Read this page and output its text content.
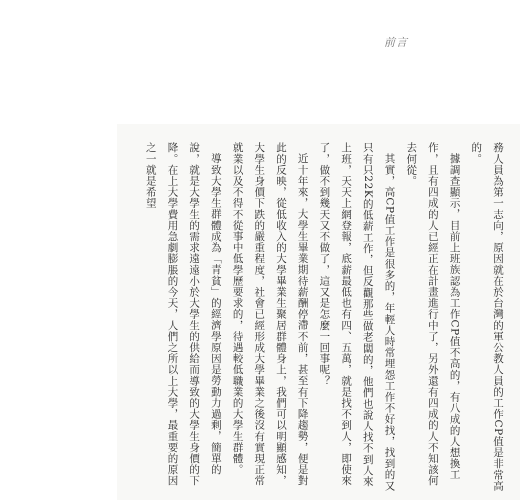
前言

務人員為第一志向，原因就在於台灣的軍公教人員的工作CP值是非常高的。

據調查顯示，目前上班族認為工作CP值不高的，有八成的人想換工作，且有四成的人已經正在計畫進行中了，另外還有四成的人不知該何去何從。

其實，高CP值工作是很多的，年輕人時常埋怨工作不好找，找到的又只有只22K的低薪工作，但反觀那些做老闆的，他們也說人找不到人來上班，天天上網登報，底薪最低也有四、五萬，就是找不到人，即使來了，做不到幾天又不做了，這又是怎麼一回事呢？

近十年來，大學生畢業期待薪酬停滯不前，甚至有下降趨勢，便是對此的反映，從低收入的大學畢業生聚居群體身上，我們可以明顯感知，大學生身價下跌的嚴重程度，社會已經形成大學畢業之後沒有實現正常就業以及不得不從事中低學歷要求的，待遇較低職業的大學生群體。

導致大學生群體成為「青貧」的經濟學原因是勞動力過剩，簡單的說，就是大學生的需求遠遠小於大學生的供給而導致的大學生身價的下降。在上大學費用急劇膨脹的今天，人們之所以上大學，最重要的原因之一就是希望
